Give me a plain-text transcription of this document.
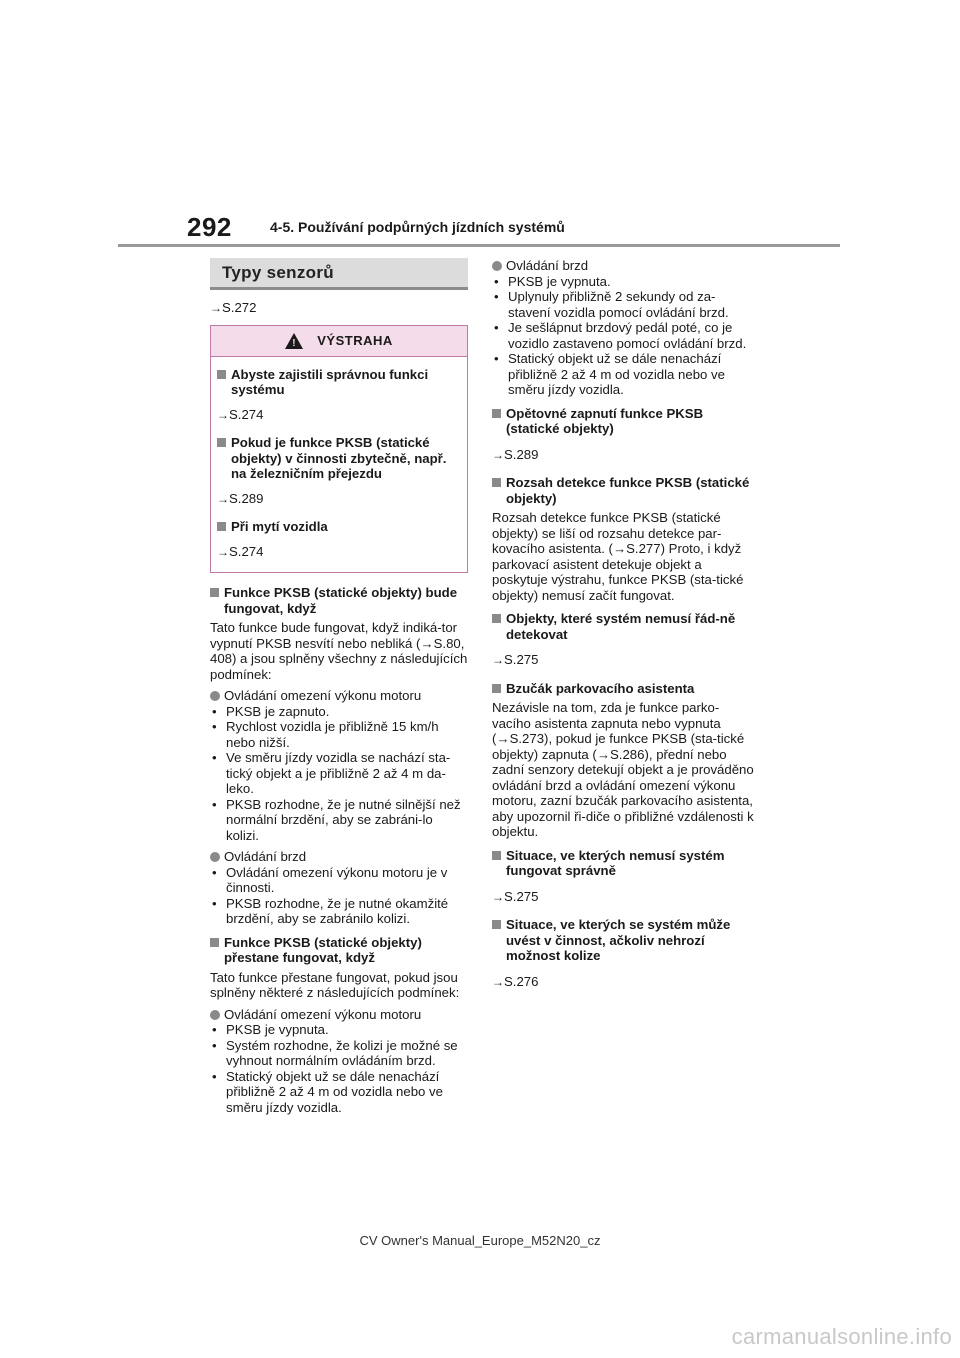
292	4-5. Používání podpůrných jízdních systémů
Typy senzorů
→S.272
! VÝSTRAHA
Abyste zajistili správnou funkci systému
→S.274
Pokud je funkce PKSB (statické objekty) v činnosti zbytečně, např. na železničním přejezdu
→S.289
Při mytí vozidla
→S.274
Funkce PKSB (statické objekty) bude fungovat, když
Tato funkce bude fungovat, když indiká-tor vypnutí PKSB nesvítí nebo nebliká (→S.80, 408) a jsou splněny všechny z následujících podmínek:
Ovládání omezení výkonu motoru
• PKSB je zapnuto.
• Rychlost vozidla je přibližně 15 km/h nebo nižší.
• Ve směru jízdy vozidla se nachází sta-tický objekt a je přibližně 2 až 4 m da-leko.
• PKSB rozhodne, že je nutné silnější než normální brzdění, aby se zabráni-lo kolizi.
Ovládání brzd
• Ovládání omezení výkonu motoru je v činnosti.
• PKSB rozhodne, že je nutné okamžité brzdění, aby se zabránilo kolizi.
Funkce PKSB (statické objekty) přestane fungovat, když
Tato funkce přestane fungovat, pokud jsou splněny některé z následujících podmínek:
Ovládání omezení výkonu motoru
• PKSB je vypnuta.
• Systém rozhodne, že kolizi je možné se vyhnout normálním ovládáním brzd.
• Statický objekt už se dále nenachází přibližně 2 až 4 m od vozidla nebo ve směru jízdy vozidla.
Ovládání brzd
• PKSB je vypnuta.
• Uplynuly přibližně 2 sekundy od za-stavení vozidla pomocí ovládání brzd.
• Je sešlápnut brzdový pedál poté, co je vozidlo zastaveno pomocí ovládání brzd.
• Statický objekt už se dále nenachází přibližně 2 až 4 m od vozidla nebo ve směru jízdy vozidla.
Opětovné zapnutí funkce PKSB (statické objekty)
→S.289
Rozsah detekce funkce PKSB (statické objekty)
Rozsah detekce funkce PKSB (statické objekty) se liší od rozsahu detekce par-kovacího asistenta. (→S.277) Proto, i když parkovací asistent detekuje objekt a poskytuje výstrahu, funkce PKSB (sta-tické objekty) nemusí začít fungovat.
Objekty, které systém nemusí řád-ně detekovat
→S.275
Bzučák parkovacího asistenta
Nezávisle na tom, zda je funkce parko-vacího asistenta zapnuta nebo vypnuta (→S.273), pokud je funkce PKSB (sta-tické objekty) zapnuta (→S.286), přední nebo zadní senzory detekují objekt a je prováděno ovládání brzd a ovládání omezení výkonu motoru, zazní bzučák parkovacího asistenta, aby upozornil ři-diče o přibližné vzdálenosti k objektu.
Situace, ve kterých nemusí systém fungovat správně
→S.275
Situace, ve kterých se systém může uvést v činnost, ačkoliv nehrozí možnost kolize
→S.276
CV Owner's Manual_Europe_M52N20_cz
carmanualsonline.info
